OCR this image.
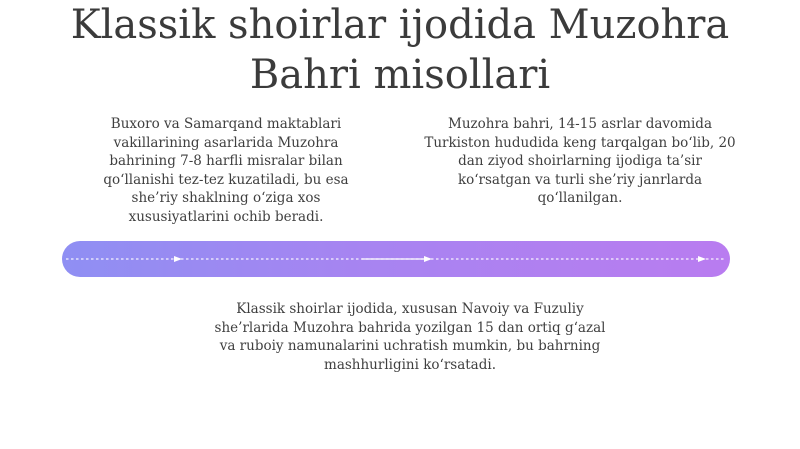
Klassik shoirlar ijodida Muzohra Bahri misollari

Buxoro va Samarqand maktablari vakillarining asarlarida Muzohra bahrining 7-8 harfli misralar bilan qo‘llanishi tez-tez kuzatiladi, bu esa she’riy shaklning o‘ziga xos xususiyatlarini ochib beradi.

Muzohra bahri, 14-15 asrlar davomida Turkiston hududida keng tarqalgan bo‘lib, 20 dan ziyod shoirlarning ijodiga ta’sir ko‘rsatgan va turli she’riy janrlarda qo‘llanilgan.

Klassik shoirlar ijodida, xususan Navoiy va Fuzuliy she’rlarida Muzohra bahrida yozilgan 15 dan ortiq g‘azal va ruboiy namunalarini uchratish mumkin, bu bahrning mashhurligini ko‘rsatadi.
